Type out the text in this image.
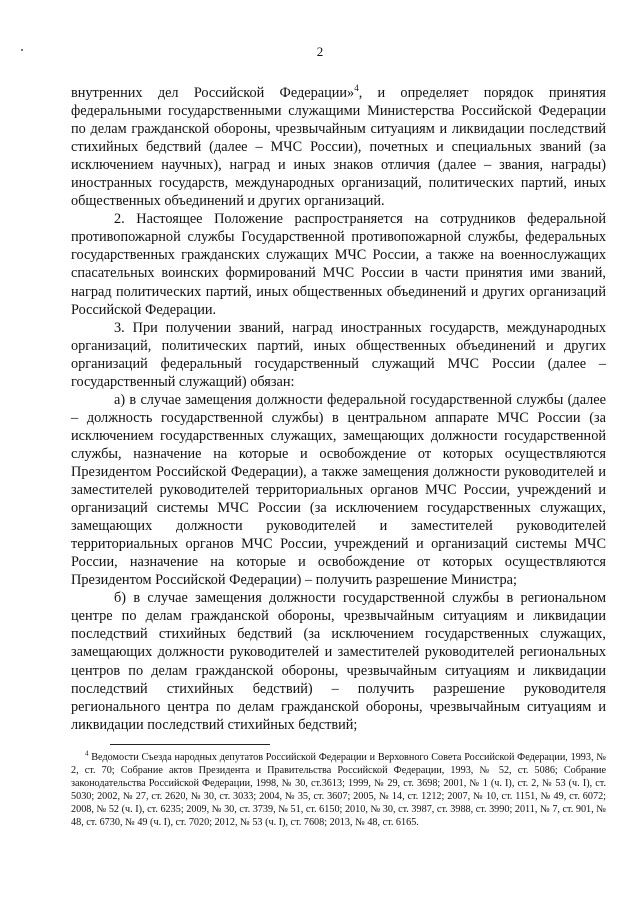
2

внутренних дел Российской Федерации»$^4$, и определяет порядок принятия федеральными государственными служащими Министерства Российской Федерации по делам гражданской обороны, чрезвычайным ситуациям и ликвидации последствий стихийных бедствий (далее – МЧС России), почетных и специальных званий (за исключением научных), наград и иных знаков отличия (далее – звания, награды) иностранных государств, международных организаций, политических партий, иных общественных объединений и других организаций.

2. Настоящее Положение распространяется на сотрудников федеральной противопожарной службы Государственной противопожарной службы, федеральных государственных гражданских служащих МЧС России, а также на военнослужащих спасательных воинских формирований МЧС России в части принятия ими званий, наград политических партий, иных общественных объединений и других организаций Российской Федерации.

3. При получении званий, наград иностранных государств, международных организаций, политических партий, иных общественных объединений и других организаций федеральный государственный служащий МЧС России (далее – государственный служащий) обязан:

а) в случае замещения должности федеральной государственной службы (далее – должность государственной службы) в центральном аппарате МЧС России (за исключением государственных служащих, замещающих должности государственной службы, назначение на которые и освобождение от которых осуществляются Президентом Российской Федерации), а также замещения должности руководителей и заместителей руководителей территориальных органов МЧС России, учреждений и организаций системы МЧС России (за исключением государственных служащих, замещающих должности руководителей и заместителей руководителей территориальных органов МЧС России, учреждений и организаций системы МЧС России, назначение на которые и освобождение от которых осуществляются Президентом Российской Федерации) – получить разрешение Министра;

б) в случае замещения должности государственной службы в региональном центре по делам гражданской обороны, чрезвычайным ситуациям и ликвидации последствий стихийных бедствий (за исключением государственных служащих, замещающих должности руководителей и заместителей руководителей региональных центров по делам гражданской обороны, чрезвычайным ситуациям и ликвидации последствий стихийных бедствий) – получить разрешение руководителя регионального центра по делам гражданской обороны, чрезвычайным ситуациям и ликвидации последствий стихийных бедствий;

$^4$ Ведомости Съезда народных депутатов Российской Федерации и Верховного Совета Российской Федерации, 1993, № 2, ст. 70; Собрание актов Президента и Правительства Российской Федерации, 1993, № 52, ст. 5086; Собрание законодательства Российской Федерации, 1998, № 30, ст.3613; 1999, № 29, ст. 3698; 2001, № 1 (ч. I), ст. 2, № 53 (ч. I), ст. 5030; 2002, № 27, ст. 2620, № 30, ст. 3033; 2004, № 35, ст. 3607; 2005, № 14, ст. 1212; 2007, № 10, ст. 1151, № 49, ст. 6072; 2008, № 52 (ч. I), ст. 6235; 2009, № 30, ст. 3739, № 51, ст. 6150; 2010, № 30, ст. 3987, ст. 3988, ст. 3990; 2011, № 7, ст. 901, № 48, ст. 6730, № 49 (ч. I), ст. 7020; 2012, № 53 (ч. I), ст. 7608; 2013, № 48, ст. 6165.
